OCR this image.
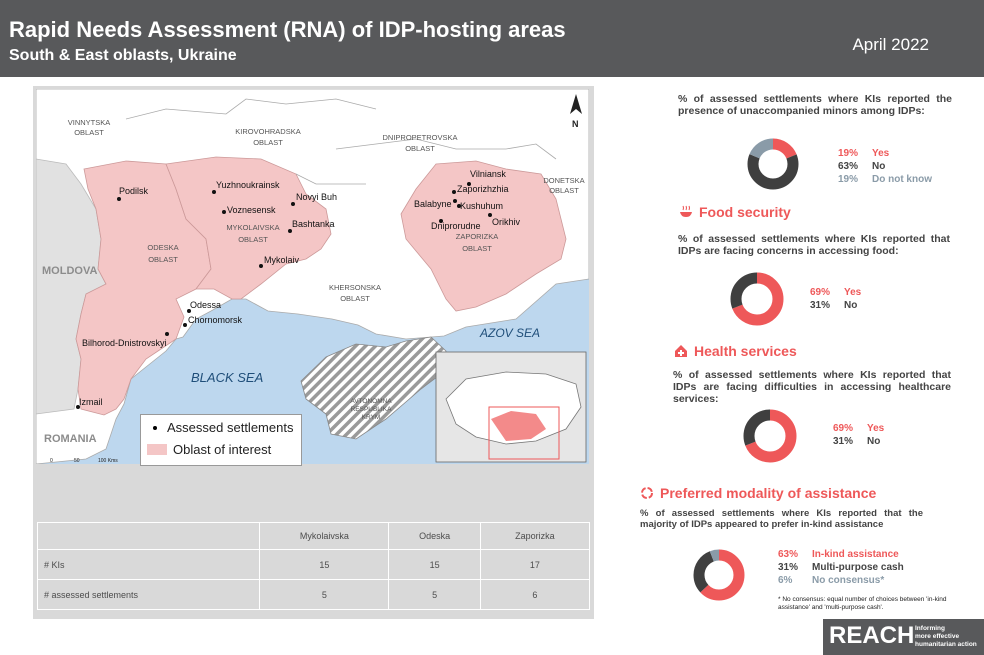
Rapid Needs Assessment (RNA) of IDP-hosting areas
South & East oblasts, Ukraine
April 2022
VINNYTSKA
OBLAST	KIROVOHRADSKA
OBLAST
DNIPROPETROVSKA
OBLAST
DONETSKA
OBLAST
ODESKA
OBLAST
MYKOLAIVSKA
OBLAST
KHERSONSKA
OBLAST
ZAPORIZKA
OBLAST
AVTONOMNA
RESPUBLIKA
KRYM
MOLDOVA
ROMANIA
BLACK SEA
AZOV SEA
Podilsk
Yuzhnoukrainsk
Voznesensk
Novyi Buh
Bashtanka
Mykolaiv
Odessa
Chornomorsk
Bilhorod-Dnistrovskyi
Izmail
Vilniansk
Zaporizhzhia
Balabyne Kushuhum
Orikhiv
Dniprorudne
N
0	50	100 Kms
Assessed settlements
Oblast of interest
	Mykolaivska	Odeska	Zaporizka
# KIs	15	15	17
# assessed settlements	5	5	6
% of assessed settlements where KIs reported the presence of unaccompanied minors among IDPs:
19% Yes
63% No
19% Do not know
Food security
% of assessed settlements where KIs reported that IDPs are facing concerns in accessing food:
69% Yes
31% No
Health services
% of assessed settlements where KIs reported that IDPs are facing difficulties in accessing healthcare services:
69% Yes
31% No
Preferred modality of assistance
% of assessed settlements where KIs reported that the majority of IDPs appeared to prefer in-kind assistance
63% In-kind assistance
31% Multi-purpose cash
6% No consensus*
* No consensus: equal number of choices between 'in-kind assistance' and 'multi-purpose cash'.
REACH Informing
more effective
humanitarian action
